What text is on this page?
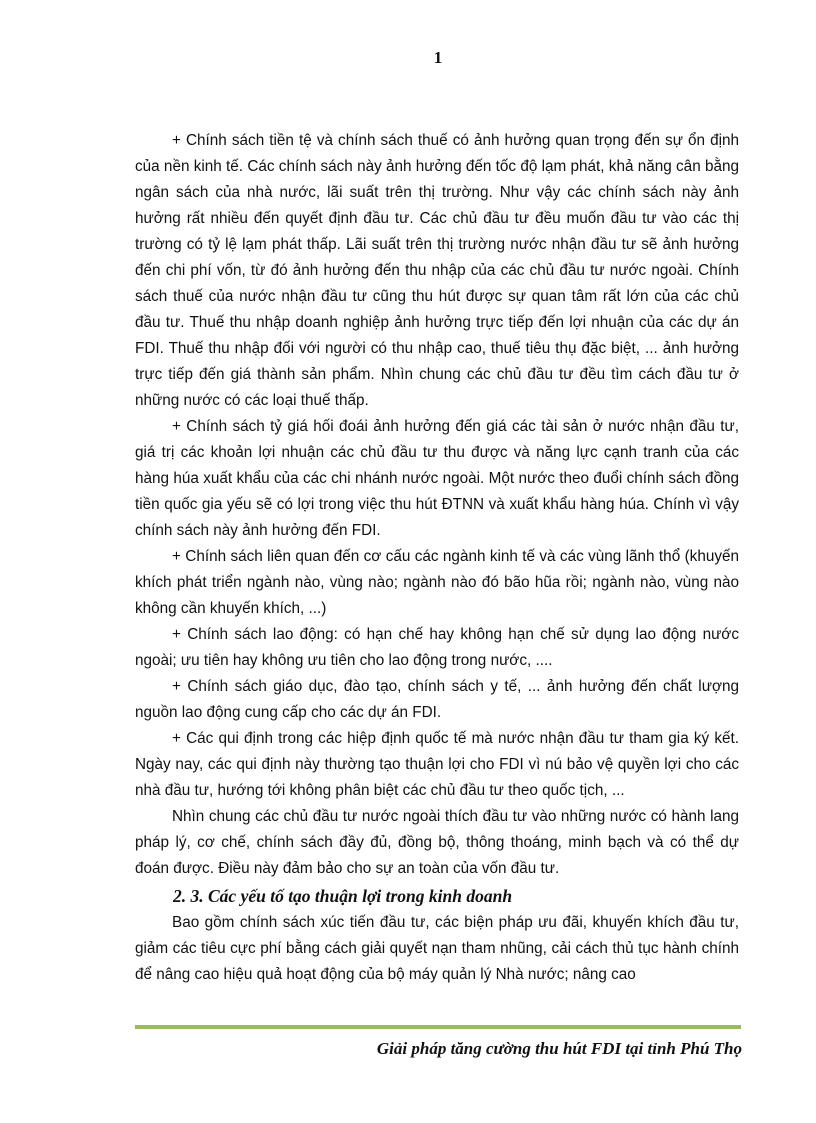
1

+ Chính sách tiền tệ và chính sách thuế có ảnh hưởng quan trọng đến sự ổn định của nền kinh tế. Các chính sách này ảnh hưởng đến tốc độ lạm phát, khả năng cân bằng ngân sách của nhà nước, lãi suất trên thị trường. Như vậy các chính sách này ảnh hưởng rất nhiều đến quyết định đầu tư. Các chủ đầu tư đều muốn đầu tư vào các thị trường có tỷ lệ lạm phát thấp. Lãi suất trên thị trường nước nhận đầu tư sẽ ảnh hưởng đến chi phí vốn, từ đó ảnh hưởng đến thu nhập của các chủ đầu tư nước ngoài. Chính sách thuế của nước nhận đầu tư cũng thu hút được sự quan tâm rất lớn của các chủ đầu tư. Thuế thu nhập doanh nghiệp ảnh hưởng trực tiếp đến lợi nhuận của các dự án FDI. Thuế thu nhập đối với người có thu nhập cao, thuế tiêu thụ đặc biệt, ... ảnh hưởng trực tiếp đến giá thành sản phẩm. Nhìn chung các chủ đầu tư đều tìm cách đầu tư ở những nước có các loại thuế thấp.

+ Chính sách tỷ giá hối đoái ảnh hưởng đến giá các tài sản ở nước nhận đầu tư, giá trị các khoản lợi nhuận các chủ đầu tư thu được và năng lực cạnh tranh của các hàng húa xuất khẩu của các chi nhánh nước ngoài. Một nước theo đuổi chính sách đồng tiền quốc gia yếu sẽ có lợi trong việc thu hút ĐTNN và xuất khẩu hàng húa. Chính vì vậy chính sách này ảnh hưởng đến FDI.

+ Chính sách liên quan đến cơ cấu các ngành kinh tế và các vùng lãnh thổ (khuyến khích phát triển ngành nào, vùng nào; ngành nào đó bão hũa rồi; ngành nào, vùng nào không cần khuyến khích, ...)

+ Chính sách lao động: có hạn chế hay không hạn chế sử dụng lao động nước ngoài; ưu tiên hay không ưu tiên cho lao động trong nước, ....

+ Chính sách giáo dục, đào tạo, chính sách y tế, ... ảnh hưởng đến chất lượng nguồn lao động cung cấp cho các dự án FDI.

+ Các qui định trong các hiệp định quốc tế mà nước nhận đầu tư tham gia ký kết. Ngày nay, các qui định này thường tạo thuận lợi cho FDI vì nú bảo vệ quyền lợi cho các nhà đầu tư, hướng tới không phân biệt các chủ đầu tư theo quốc tịch, ...

Nhìn chung các chủ đầu tư nước ngoài thích đầu tư vào những nước có hành lang pháp lý, cơ chế, chính sách đầy đủ, đồng bộ, thông thoáng, minh bạch và có thể dự đoán được. Điều này đảm bảo cho sự an toàn của vốn đầu tư.

2. 3. Các yếu tố tạo thuận lợi trong kinh doanh

Bao gồm chính sách xúc tiến đầu tư, các biện pháp ưu đãi, khuyến khích đầu tư, giảm các tiêu cực phí bằng cách giải quyết nạn tham nhũng, cải cách thủ tục hành chính để nâng cao hiệu quả hoạt động của bộ máy quản lý Nhà nước; nâng cao

Giải pháp tăng cường thu hút FDI tại tỉnh Phú Thọ
